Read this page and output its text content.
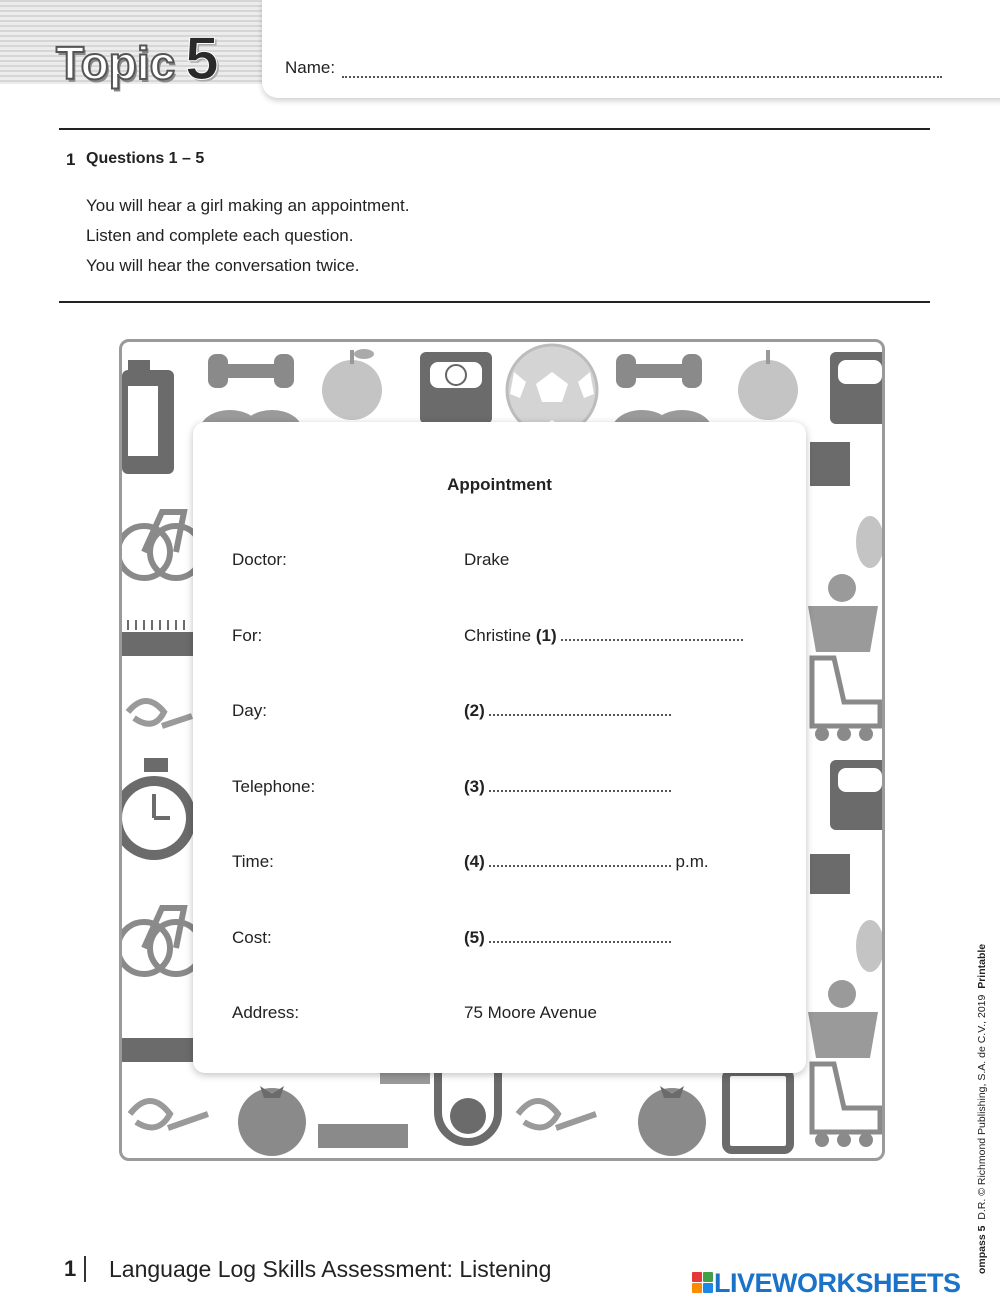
Topic 5	Name:
1 Questions 1 – 5
You will hear a girl making an appointment.
Listen and complete each question.
You will hear the conversation twice.
Appointment
Doctor:	Drake
For:	Christine (1)
Day:	(2)
Telephone:	(3)
Time:	(4)	p.m.
Cost:	(5)
Address:	75 Moore Avenue
1 Language Log Skills Assessment: Listening	ompass 5  D.R. © Richmond Publishing, S.A. de C.V., 2019  Printable
LIVEWORKSHEETS
